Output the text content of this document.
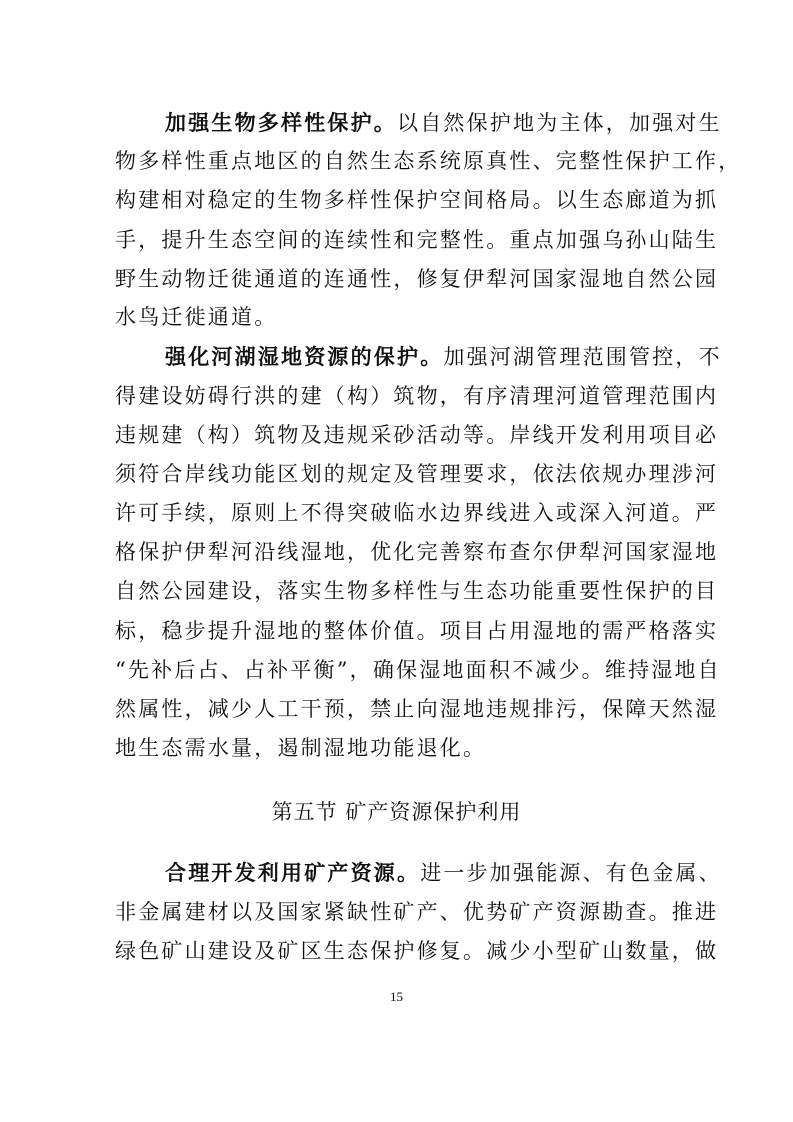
加强生物多样性保护。以自然保护地为主体，加强对生
物多样性重点地区的自然生态系统原真性、完整性保护工作，
构建相对稳定的生物多样性保护空间格局。以生态廊道为抓
手，提升生态空间的连续性和完整性。重点加强乌孙山陆生
野生动物迁徙通道的连通性，修复伊犁河国家湿地自然公园
水鸟迁徙通道。
强化河湖湿地资源的保护。加强河湖管理范围管控，不
得建设妨碍行洪的建（构）筑物，有序清理河道管理范围内
违规建（构）筑物及违规采砂活动等。岸线开发利用项目必
须符合岸线功能区划的规定及管理要求，依法依规办理涉河
许可手续，原则上不得突破临水边界线进入或深入河道。严
格保护伊犁河沿线湿地，优化完善察布查尔伊犁河国家湿地
自然公园建设，落实生物多样性与生态功能重要性保护的目
标，稳步提升湿地的整体价值。项目占用湿地的需严格落实
“先补后占、占补平衡”，确保湿地面积不减少。维持湿地自
然属性，减少人工干预，禁止向湿地违规排污，保障天然湿
地生态需水量，遏制湿地功能退化。
第五节 矿产资源保护利用
合理开发利用矿产资源。进一步加强能源、有色金属、
非金属建材以及国家紧缺性矿产、优势矿产资源勘查。推进
绿色矿山建设及矿区生态保护修复。减少小型矿山数量，做
15
